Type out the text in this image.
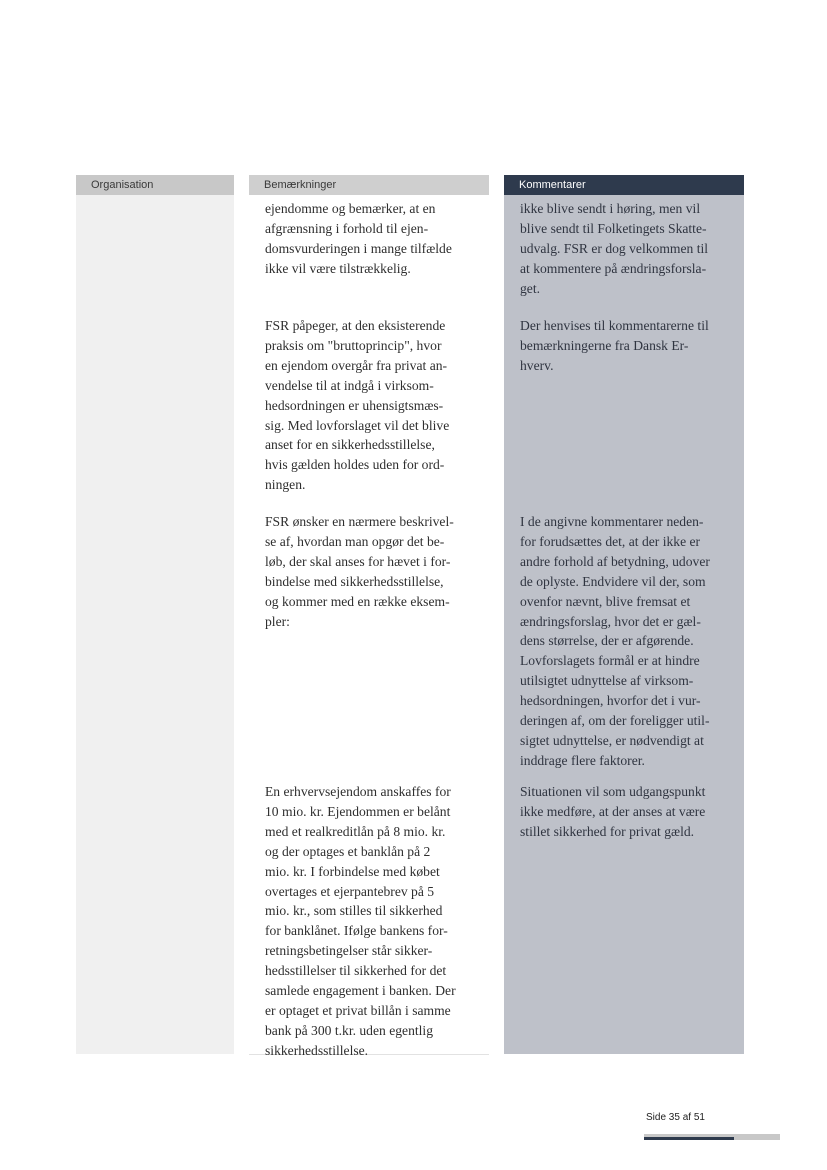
Organisation	Bemærkninger
ejendomme og bemærker, at en
afgrænsning i forhold til ejen-
domsvurderingen i mange tilfælde
ikke vil være tilstrækkelig.
FSR påpeger, at den eksisterende
praksis om "bruttoprincip", hvor
en ejendom overgår fra privat an-
vendelse til at indgå i virksom-
hedsordningen er uhensigtsmæs-
sig. Med lovforslaget vil det blive
anset for en sikkerhedsstillelse,
hvis gælden holdes uden for ord-
ningen.
FSR ønsker en nærmere beskrivel-
se af, hvordan man opgør det be-
løb, der skal anses for hævet i for-
bindelse med sikkerhedsstillelse,
og kommer med en række eksem-
pler:
En erhvervsejendom anskaffes for
10 mio. kr. Ejendommen er belånt
med et realkreditlån på 8 mio. kr.
og der optages et banklån på 2
mio. kr. I forbindelse med købet
overtages et ejerpantebrev på 5
mio. kr., som stilles til sikkerhed
for banklånet. Ifølge bankens for-
retningsbetingelser står sikker-
hedsstillelser til sikkerhed for det
samlede engagement i banken. Der
er optaget et privat billån i samme
bank på 300 t.kr. uden egentlig
sikkerhedsstillelse.
Kommentarer
ikke blive sendt i høring, men vil
blive sendt til Folketingets Skatte-
udvalg. FSR er dog velkommen til
at kommentere på ændringsforsla-
get.
Der henvises til kommentarerne til
bemærkningerne fra Dansk Er-
hverv.
I de angivne kommentarer neden-
for forudsættes det, at der ikke er
andre forhold af betydning, udover
de oplyste. Endvidere vil der, som
ovenfor nævnt, blive fremsat et
ændringsforslag, hvor det er gæl-
dens størrelse, der er afgørende.
Lovforslagets formål er at hindre
utilsigtet udnyttelse af virksom-
hedsordningen, hvorfor det i vur-
deringen af, om der foreligger util-
sigtet udnyttelse, er nødvendigt at
inddrage flere faktorer.
Situationen vil som udgangspunkt
ikke medføre, at der anses at være
stillet sikkerhed for privat gæld.
Side 35 af 51
